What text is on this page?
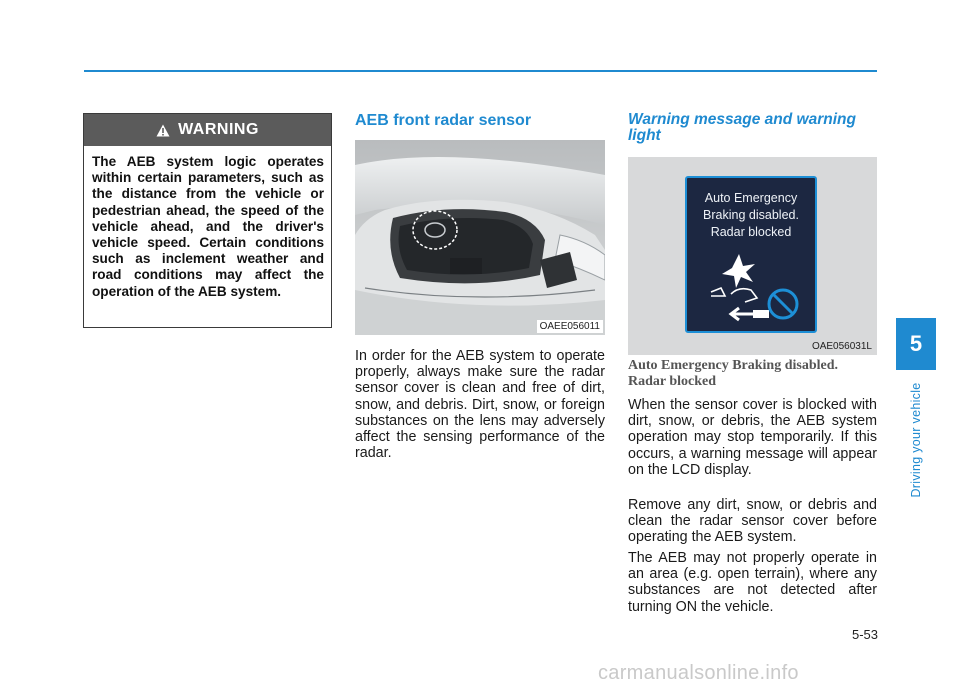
WARNING
The AEB system logic operates within certain parameters, such as the distance from the vehicle or pedestrian ahead, the speed of the vehicle ahead, and the driver's vehicle speed. Certain conditions such as inclement weather and road conditions may affect the operation of the AEB system.
AEB front radar sensor
OAEE056011
In order for the AEB system to operate properly, always make sure the radar sensor cover is clean and free of dirt, snow, and debris. Dirt, snow, or foreign substances on the lens may adversely affect the sensing performance of the radar.
Warning message and warning light
Auto Emergency
Braking disabled.
Radar blocked
OAE056031L
Auto Emergency Braking disabled. Radar blocked
When the sensor cover is blocked with dirt, snow, or debris, the AEB system operation may stop temporarily. If this occurs, a warning message will appear on the LCD display.
Remove any dirt, snow, or debris and clean the radar sensor cover before operating the AEB system.
The AEB may not properly operate in an area (e.g. open terrain), where any substances are not detected after turning ON the vehicle.
5
Driving your vehicle
5-53
carmanualsonline.info
